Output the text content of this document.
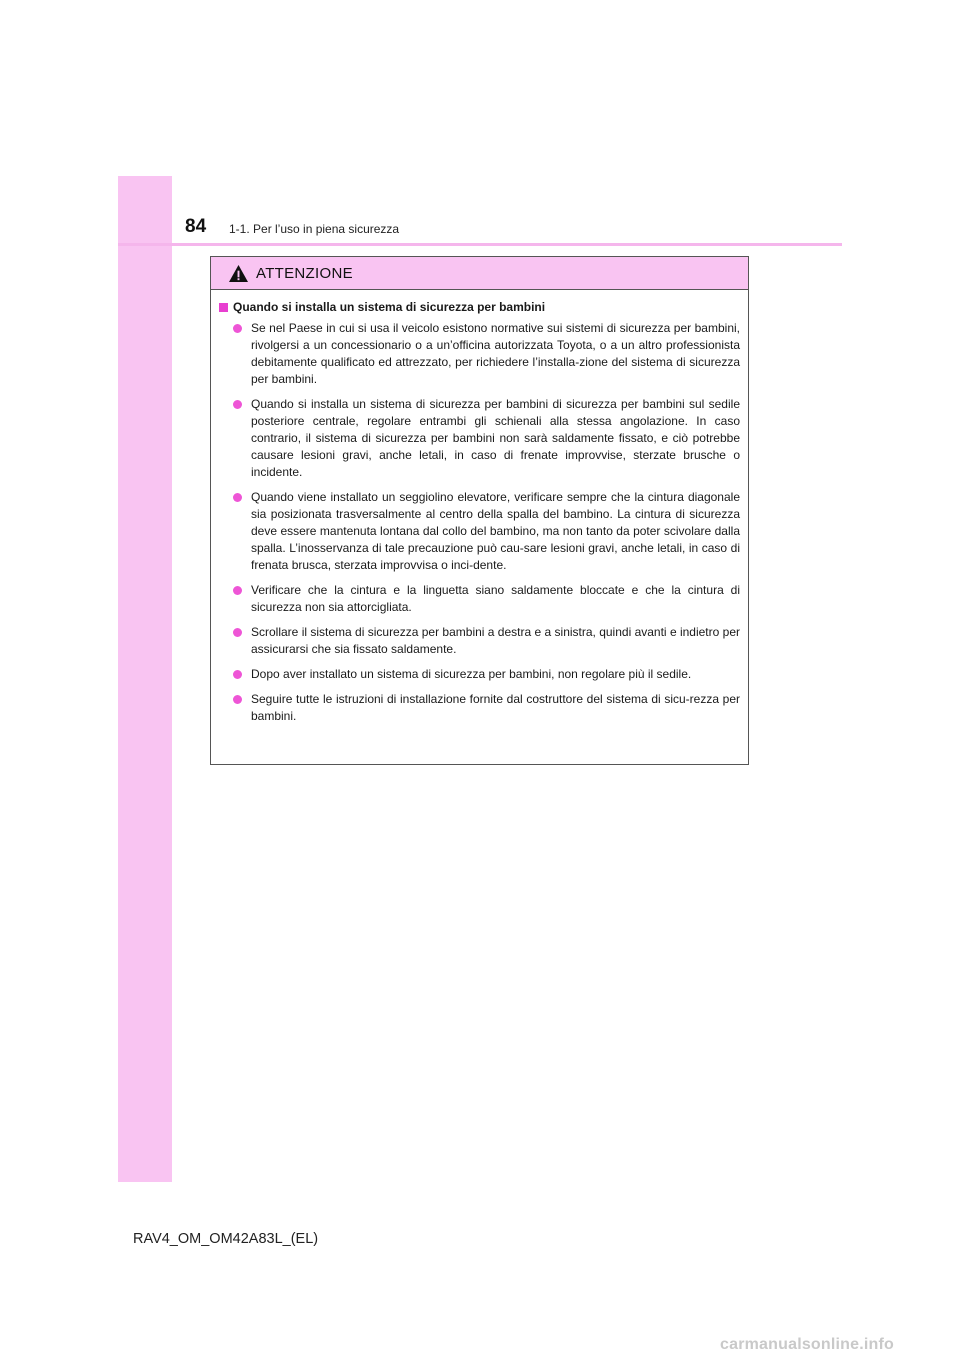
84 1-1. Per l’uso in piena sicurezza
ATTENZIONE
Quando si installa un sistema di sicurezza per bambini
Se nel Paese in cui si usa il veicolo esistono normative sui sistemi di sicurezza per bambini, rivolgersi a un concessionario o a un’officina autorizzata Toyota, o a un altro professionista debitamente qualificato ed attrezzato, per richiedere l’installa-zione del sistema di sicurezza per bambini.
Quando si installa un sistema di sicurezza per bambini di sicurezza per bambini sul sedile posteriore centrale, regolare entrambi gli schienali alla stessa angolazione. In caso contrario, il sistema di sicurezza per bambini non sarà saldamente fissato, e ciò potrebbe causare lesioni gravi, anche letali, in caso di frenate improvvise, sterzate brusche o incidente.
Quando viene installato un seggiolino elevatore, verificare sempre che la cintura diagonale sia posizionata trasversalmente al centro della spalla del bambino. La cintura di sicurezza deve essere mantenuta lontana dal collo del bambino, ma non tanto da poter scivolare dalla spalla. L’inosservanza di tale precauzione può cau-sare lesioni gravi, anche letali, in caso di frenata brusca, sterzata improvvisa o inci-dente.
Verificare che la cintura e la linguetta siano saldamente bloccate e che la cintura di sicurezza non sia attorcigliata.
Scrollare il sistema di sicurezza per bambini a destra e a sinistra, quindi avanti e indietro per assicurarsi che sia fissato saldamente.
Dopo aver installato un sistema di sicurezza per bambini, non regolare più il sedile.
Seguire tutte le istruzioni di installazione fornite dal costruttore del sistema di sicu-rezza per bambini.
RAV4_OM_OM42A83L_(EL)
carmanualsonline.info
